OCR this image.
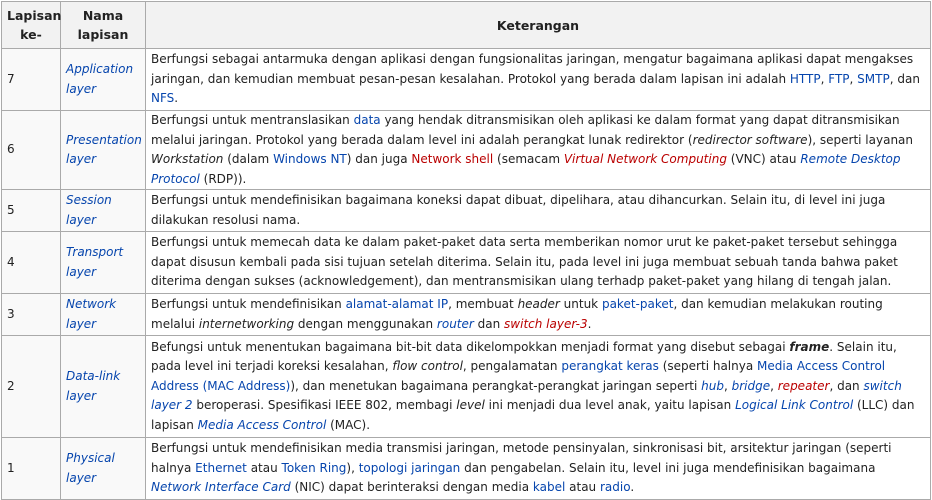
Lapisan ke-	Nama lapisan	Keterangan
7	Application layer	Berfungsi sebagai antarmuka dengan aplikasi dengan fungsionalitas jaringan, mengatur bagaimana aplikasi dapat mengakses jaringan, dan kemudian membuat pesan-pesan kesalahan. Protokol yang berada dalam lapisan ini adalah HTTP, FTP, SMTP, dan NFS.
6	Presentation layer	Berfungsi untuk mentranslasikan data yang hendak ditransmisikan oleh aplikasi ke dalam format yang dapat ditransmisikan melalui jaringan. Protokol yang berada dalam level ini adalah perangkat lunak redirektor (redirector software), seperti layanan Workstation (dalam Windows NT) dan juga Network shell (semacam Virtual Network Computing (VNC) atau Remote Desktop Protocol (RDP)).
5	Session layer	Berfungsi untuk mendefinisikan bagaimana koneksi dapat dibuat, dipelihara, atau dihancurkan. Selain itu, di level ini juga dilakukan resolusi nama.
4	Transport layer	Berfungsi untuk memecah data ke dalam paket-paket data serta memberikan nomor urut ke paket-paket tersebut sehingga dapat disusun kembali pada sisi tujuan setelah diterima. Selain itu, pada level ini juga membuat sebuah tanda bahwa paket diterima dengan sukses (acknowledgement), dan mentransmisikan ulang terhadp paket-paket yang hilang di tengah jalan.
3	Network layer	Berfungsi untuk mendefinisikan alamat-alamat IP, membuat header untuk paket-paket, dan kemudian melakukan routing melalui internetworking dengan menggunakan router dan switch layer-3.
2	Data-link layer	Befungsi untuk menentukan bagaimana bit-bit data dikelompokkan menjadi format yang disebut sebagai frame. Selain itu, pada level ini terjadi koreksi kesalahan, flow control, pengalamatan perangkat keras (seperti halnya Media Access Control Address (MAC Address)), dan menetukan bagaimana perangkat-perangkat jaringan seperti hub, bridge, repeater, dan switch layer 2 beroperasi. Spesifikasi IEEE 802, membagi level ini menjadi dua level anak, yaitu lapisan Logical Link Control (LLC) dan lapisan Media Access Control (MAC).
1	Physical layer	Berfungsi untuk mendefinisikan media transmisi jaringan, metode pensinyalan, sinkronisasi bit, arsitektur jaringan (seperti halnya Ethernet atau Token Ring), topologi jaringan dan pengabelan. Selain itu, level ini juga mendefinisikan bagaimana Network Interface Card (NIC) dapat berinteraksi dengan media kabel atau radio.
